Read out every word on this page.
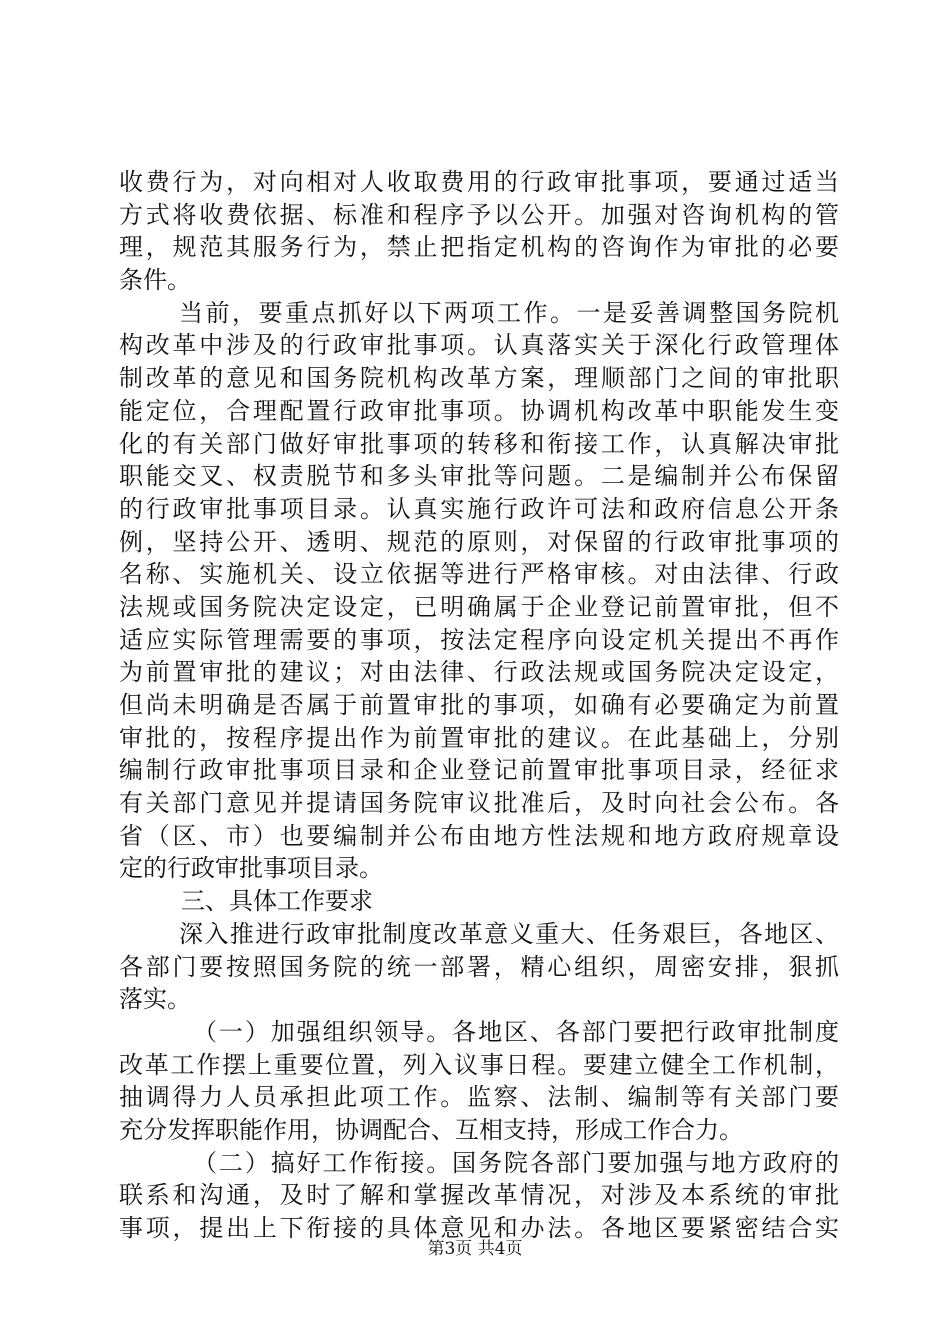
收费行为，对向相对人收取费用的行政审批事项，要通过适当
方式将收费依据、标准和程序予以公开。加强对咨询机构的管
理，规范其服务行为，禁止把指定机构的咨询作为审批的必要
条件。
当前，要重点抓好以下两项工作。一是妥善调整国务院机
构改革中涉及的行政审批事项。认真落实关于深化行政管理体
制改革的意见和国务院机构改革方案，理顺部门之间的审批职
能定位，合理配置行政审批事项。协调机构改革中职能发生变
化的有关部门做好审批事项的转移和衔接工作，认真解决审批
职能交叉、权责脱节和多头审批等问题。二是编制并公布保留
的行政审批事项目录。认真实施行政许可法和政府信息公开条
例，坚持公开、透明、规范的原则，对保留的行政审批事项的
名称、实施机关、设立依据等进行严格审核。对由法律、行政
法规或国务院决定设定，已明确属于企业登记前置审批，但不
适应实际管理需要的事项，按法定程序向设定机关提出不再作
为前置审批的建议；对由法律、行政法规或国务院决定设定，
但尚未明确是否属于前置审批的事项，如确有必要确定为前置
审批的，按程序提出作为前置审批的建议。在此基础上，分别
编制行政审批事项目录和企业登记前置审批事项目录，经征求
有关部门意见并提请国务院审议批准后，及时向社会公布。各
省（区、市）也要编制并公布由地方性法规和地方政府规章设
定的行政审批事项目录。
三、具体工作要求
深入推进行政审批制度改革意义重大、任务艰巨，各地区、
各部门要按照国务院的统一部署，精心组织，周密安排，狠抓
落实。
（一）加强组织领导。各地区、各部门要把行政审批制度
改革工作摆上重要位置，列入议事日程。要建立健全工作机制，
抽调得力人员承担此项工作。监察、法制、编制等有关部门要
充分发挥职能作用，协调配合、互相支持，形成工作合力。
（二）搞好工作衔接。国务院各部门要加强与地方政府的
联系和沟通，及时了解和掌握改革情况，对涉及本系统的审批
事项，提出上下衔接的具体意见和办法。各地区要紧密结合实
第3页 共4页
